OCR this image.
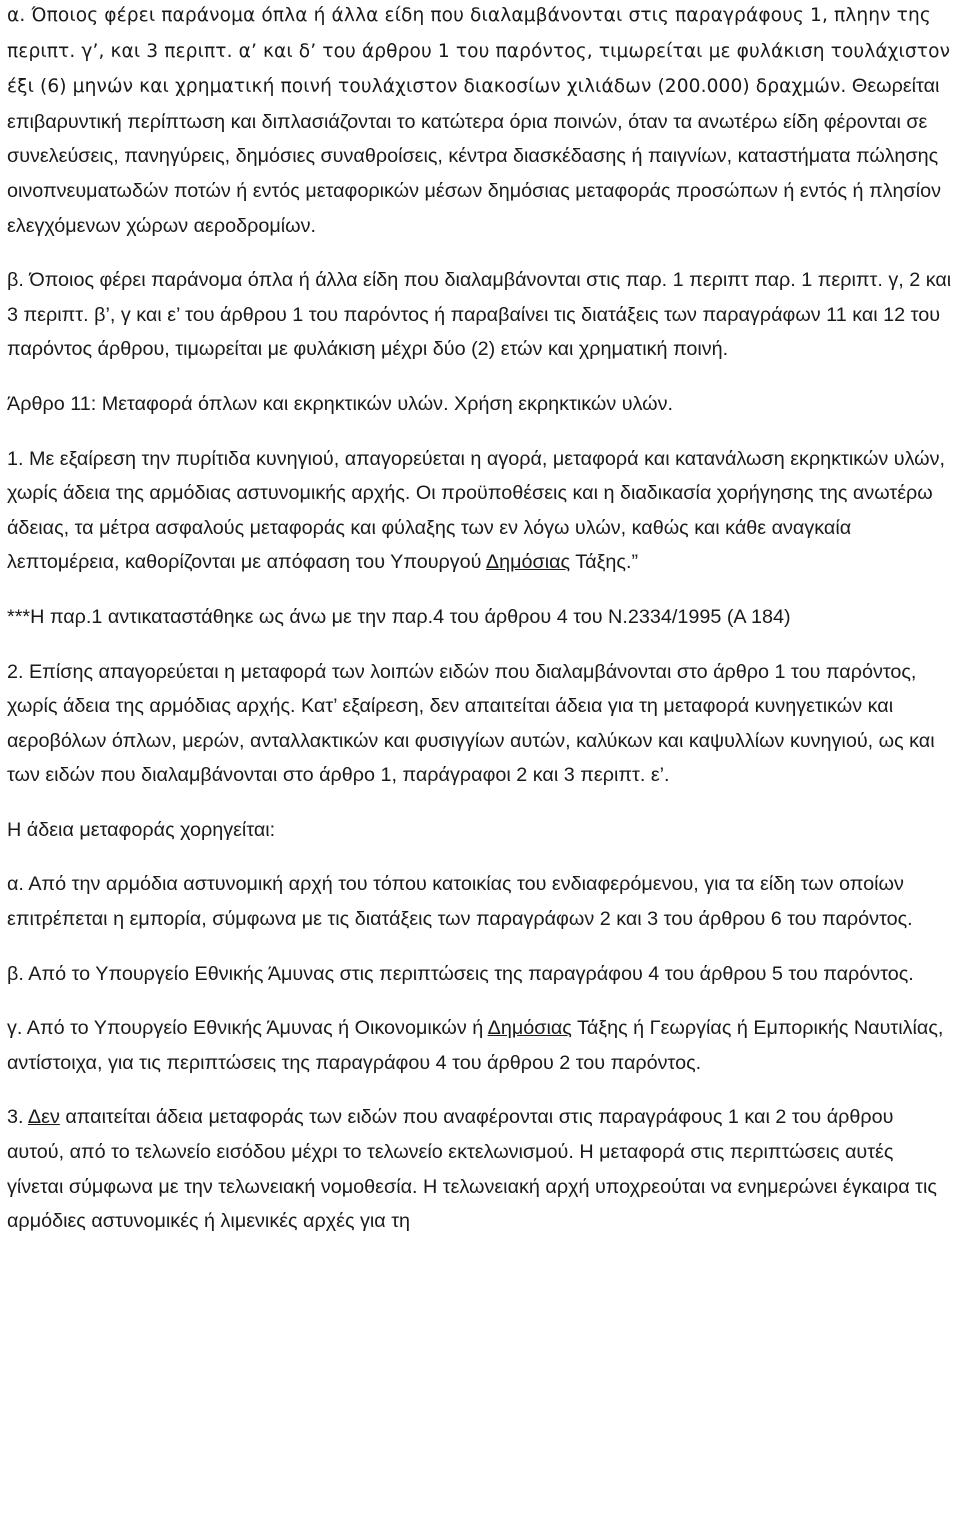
α. Όποιος φέρει παράνομα όπλα ή άλλα είδη που διαλαμβάνονται στις παραγράφους 1, πληην της περιπτ. γ’, και 3 περιπτ. α’ και δ’ του άρθρου 1 του παρόντος, τιμωρείται με φυλάκιση τουλάχιστον έξι (6) μηνών και χρηματική ποινή τουλάχιστον διακοσίων χιλιάδων (200.000) δραχμών. Θεωρείται επιβαρυντική περίπτωση και διπλασιάζονται το κατώτερα όρια ποινών, όταν τα ανωτέρω είδη φέρονται σε συνελεύσεις, πανηγύρεις, δημόσιες συναθροίσεις, κέντρα διασκέδασης ή παιγνίων, καταστήματα πώλησης οινοπνευματωδών ποτών ή εντός μεταφορικών μέσων δημόσιας μεταφοράς προσώπων ή εντός ή πλησίον ελεγχόμενων χώρων αεροδρομίων.

β. Όποιος φέρει παράνομα όπλα ή άλλα είδη που διαλαμβάνονται στις παρ. 1 περιπτ παρ. 1 περιπτ. γ, 2 και 3 περιπτ. β’, γ και ε’ του άρθρου 1 του παρόντος ή παραβαίνει τις διατάξεις των παραγράφων 11 και 12 του παρόντος άρθρου, τιμωρείται με φυλάκιση μέχρι δύο (2) ετών και χρηματική ποινή.

Άρθρο 11: Μεταφορά όπλων και εκρηκτικών υλών. Χρήση εκρηκτικών υλών.

1. Με εξαίρεση την πυρίτιδα κυνηγιού, απαγορεύεται η αγορά, μεταφορά και κατανάλωση εκρηκτικών υλών, χωρίς άδεια της αρμόδιας αστυνομικής αρχής. Οι προϋποθέσεις και η διαδικασία χορήγησης της ανωτέρω άδειας, τα μέτρα ασφαλούς μεταφοράς και φύλαξης των εν λόγω υλών, καθώς και κάθε αναγκαία λεπτομέρεια, καθορίζονται με απόφαση του Υπουργού Δημόσιας Τάξης.”

***Η παρ.1 αντικαταστάθηκε ως άνω με την παρ.4 του άρθρου 4 του Ν.2334/1995 (Α 184)

2. Επίσης απαγορεύεται η μεταφορά των λοιπών ειδών που διαλαμβάνονται στο άρθρο 1 του παρόντος, χωρίς άδεια της αρμόδιας αρχής. Κατ’ εξαίρεση, δεν απαιτείται άδεια για τη μεταφορά κυνηγετικών και αεροβόλων όπλων, μερών, ανταλλακτικών και φυσιγγίων αυτών, καλύκων και καψυλλίων κυνηγιού, ως και των ειδών που διαλαμβάνονται στο άρθρο 1, παράγραφοι 2 και 3 περιπτ. ε’.

Η άδεια μεταφοράς χορηγείται:

α. Από την αρμόδια αστυνομική αρχή του τόπου κατοικίας του ενδιαφερόμενου, για τα είδη των οποίων επιτρέπεται η εμπορία, σύμφωνα με τις διατάξεις των παραγράφων 2 και 3 του άρθρου 6 του παρόντος.

β. Από το Υπουργείο Εθνικής Άμυνας στις περιπτώσεις της παραγράφου 4 του άρθρου 5 του παρόντος.

γ. Από το Υπουργείο Εθνικής Άμυνας ή Οικονομικών ή Δημόσιας Τάξης ή Γεωργίας ή Εμπορικής Ναυτιλίας, αντίστοιχα, για τις περιπτώσεις της παραγράφου 4 του άρθρου 2 του παρόντος.

3. Δεν απαιτείται άδεια μεταφοράς των ειδών που αναφέρονται στις παραγράφους 1 και 2 του άρθρου αυτού, από το τελωνείο εισόδου μέχρι το τελωνείο εκτελωνισμού. Η μεταφορά στις περιπτώσεις αυτές γίνεται σύμφωνα με την τελωνειακή νομοθεσία. Η τελωνειακή αρχή υποχρεούται να ενημερώνει έγκαιρα τις αρμόδιες αστυνομικές ή λιμενικές αρχές για τη
